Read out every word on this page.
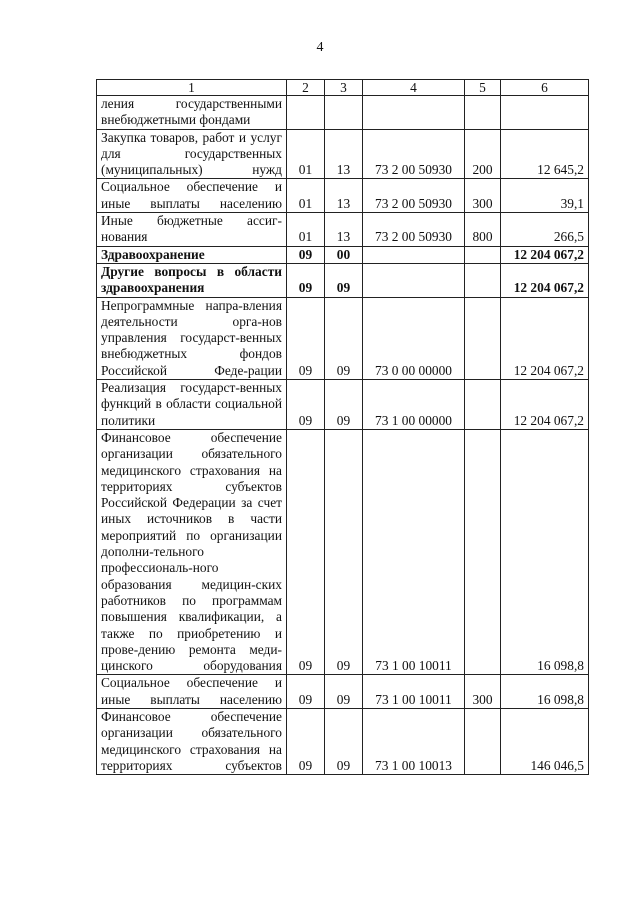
4
1	2	3	4	5	6
ления государственными внебюджетными фондами					
Закупка товаров, работ и услуг для государственных (муниципальных) нужд	01	13	73 2 00 50930	200	12 645,2
Социальное обеспечение и иные выплаты населению	01	13	73 2 00 50930	300	39,1
Иные бюджетные ассиг-нования	01	13	73 2 00 50930	800	266,5
Здравоохранение	09	00			12 204 067,2
Другие вопросы в области здравоохранения	09	09			12 204 067,2
Непрограммные напра-вления деятельности орга-нов управления государст-венных внебюджетных фондов Российской Феде-рации	09	09	73 0 00 00000		12 204 067,2
Реализация государст-венных функций в области социальной политики	09	09	73 1 00 00000		12 204 067,2
Финансовое обеспечение организации обязательного медицинского страхования на территориях субъектов Российской Федерации за счет иных источников в части мероприятий по организации дополни-тельного профессиональ-ного образования медицин-ских работников по программам повышения квалификации, а также по приобретению и прове-дению ремонта меди-цинского оборудования	09	09	73 1 00 10011		16 098,8
Социальное обеспечение и иные выплаты населению	09	09	73 1 00 10011	300	16 098,8
Финансовое обеспечение организации обязательного медицинского страхования на территориях субъектов	09	09	73 1 00 10013		146 046,5
